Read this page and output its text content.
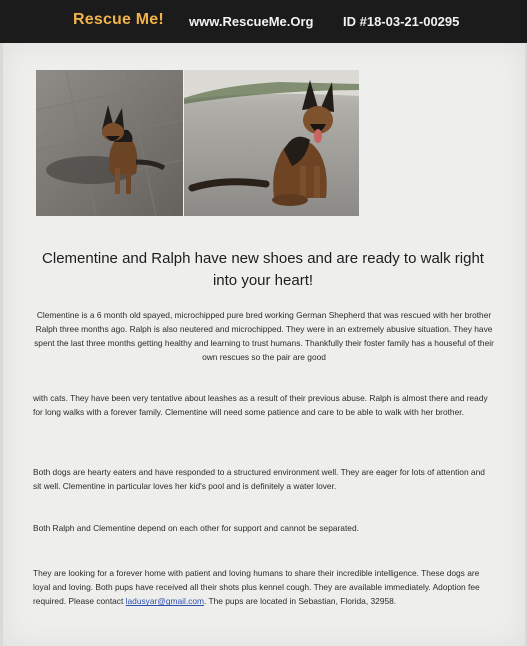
Rescue Me! www.RescueMe.Org ID #18-03-21-00295
Clementine and Ralph have new shoes and are ready to walk right into your heart!

Clementine is a 6 month old spayed, microchipped pure bred working German Shepherd that was rescued with her brother Ralph three months ago. Ralph is also neutered and microchipped. They were in an extremely abusive situation. They have spent the last three months getting healthy and learning to trust humans. Thankfully their foster family has a houseful of their own rescues so the pair are good

with cats. They have been very tentative about leashes as a result of their previous abuse. Ralph is almost there and ready for long walks with a forever family. Clementine will need some patience and care to be able to walk with her brother.

Both dogs are hearty eaters and have responded to a structured environment well. They are eager for lots of attention and sit well. Clementine in particular loves her kid's pool and is definitely a water lover.

Both Ralph and Clementine depend on each other for support and cannot be separated.

They are looking for a forever home with patient and loving humans to share their incredible intelligence. These dogs are loyal and loving. Both pups have received all their shots plus kennel cough. They are available immediately. Adoption fee required. Please contact ladusyar@gmail.com. The pups are located in Sebastian, Florida, 32958.
